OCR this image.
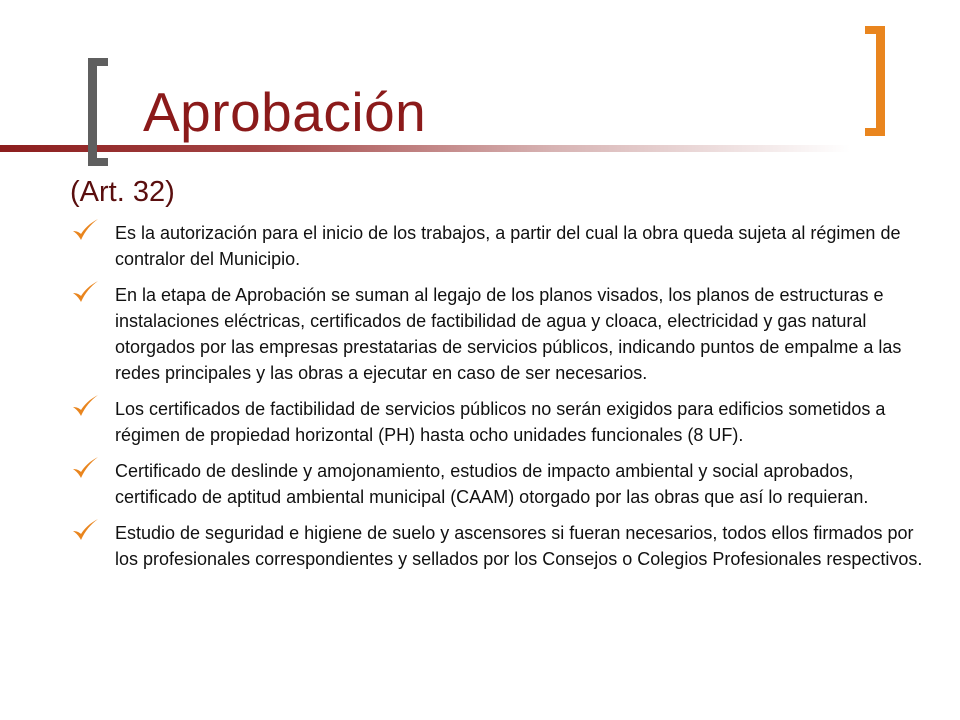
Aprobación
(Art. 32)
Es la autorización para el inicio de los trabajos, a partir del cual la obra queda sujeta al régimen de contralor del Municipio.
En la etapa de Aprobación se suman al legajo de los planos visados, los planos de estructuras e instalaciones eléctricas, certificados de factibilidad de agua y cloaca, electricidad y gas natural otorgados por las empresas prestatarias de servicios públicos, indicando puntos de empalme a las redes principales y las obras a ejecutar en caso de ser necesarios.
Los certificados de factibilidad de servicios públicos no serán exigidos para edificios sometidos a régimen de propiedad horizontal (PH) hasta ocho unidades funcionales (8 UF).
Certificado de deslinde y amojonamiento, estudios de impacto ambiental y social aprobados, certificado de aptitud ambiental municipal (CAAM) otorgado por las obras que así lo requieran.
Estudio de seguridad e higiene de suelo y ascensores si fueran necesarios, todos ellos firmados por los profesionales correspondientes y sellados por los Consejos o Colegios Profesionales respectivos.
